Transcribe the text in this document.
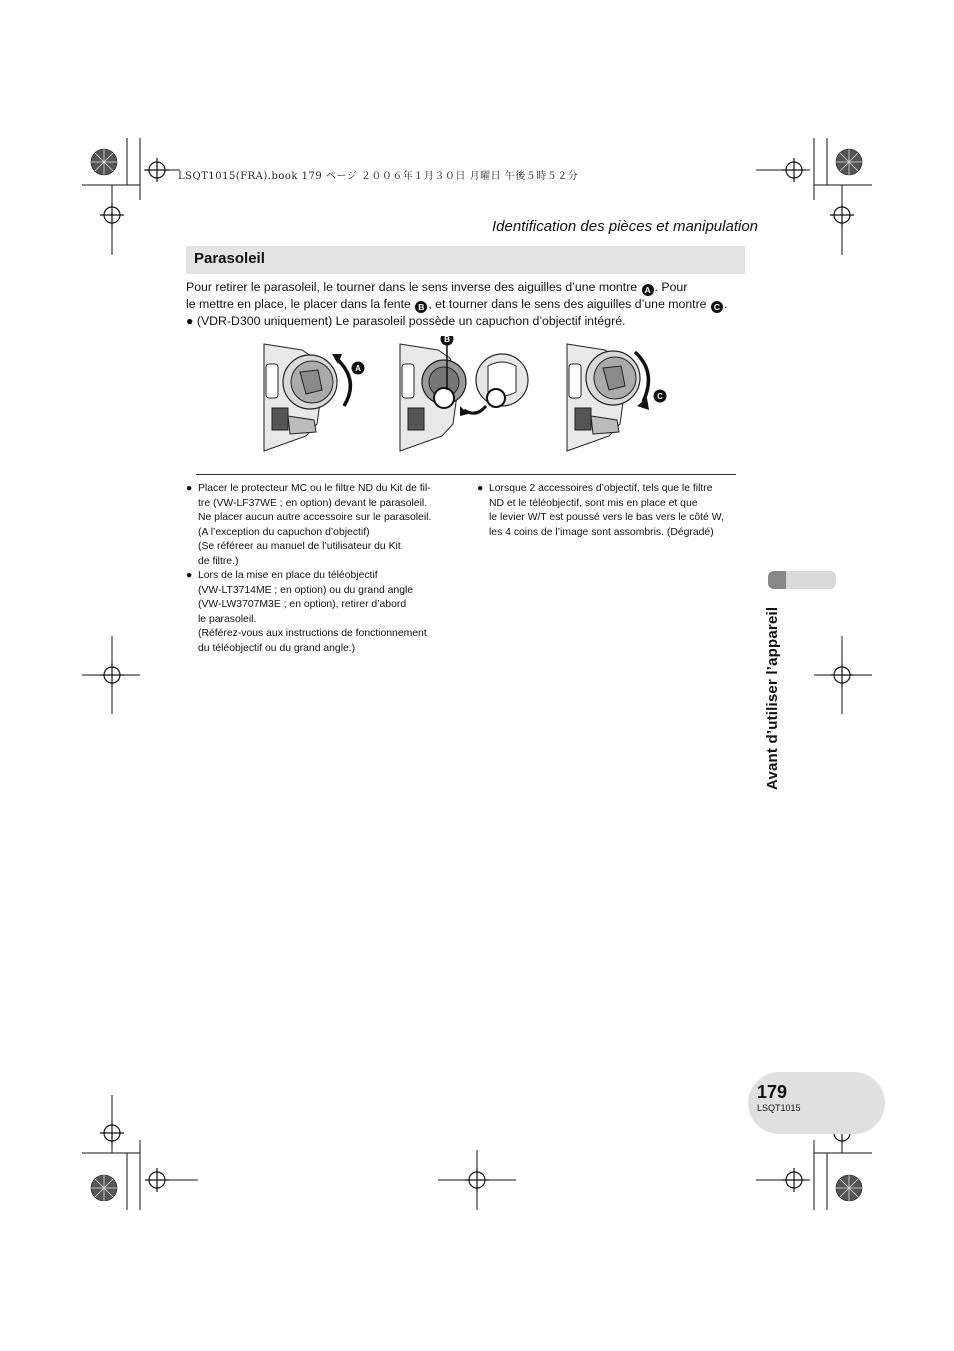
LSQT1015(FRA).book 179 ページ ２００６年１月３０日 月曜日 午後５時５２分
Identification des pièces et manipulation
Parasoleil

Pour retirer le parasoleil, le tourner dans le sens inverse des aiguilles d’une montre A . Pour

le mettre en place, le placer dans la fente B , et tourner dans le sens des aiguilles d’une montre C .

● (VDR-D300 uniquement) Le parasoleil possède un capuchon d’objectif intégré.

A
B
C
● Placer le protecteur MC ou le filtre ND du Kit de fil-
tre (VW-LF37WE ; en option) devant le parasoleil.
Ne placer aucun autre accessoire sur le parasoleil.
(A l’exception du capuchon d’objectif)
(Se référeer au manuel de l’utilisateur du Kit
de filtre.)
● Lors de la mise en place du téléobjectif
(VW-LT3714ME ; en option) ou du grand angle
(VW-LW3707M3E ; en option), retirer d’abord
le parasoleil.
(Référez-vous aux instructions de fonctionnement
du téléobjectif ou du grand angle.)
● Lorsque 2 accessoires d’objectif, tels que le filtre
ND et le téléobjectif, sont mis en place et que
le levier W/T est poussé vers le bas vers le côté W,
les 4 coins de l’image sont assombris. (Dégradé)
Avant d’utiliser l’appareil
179
LSQT1015
